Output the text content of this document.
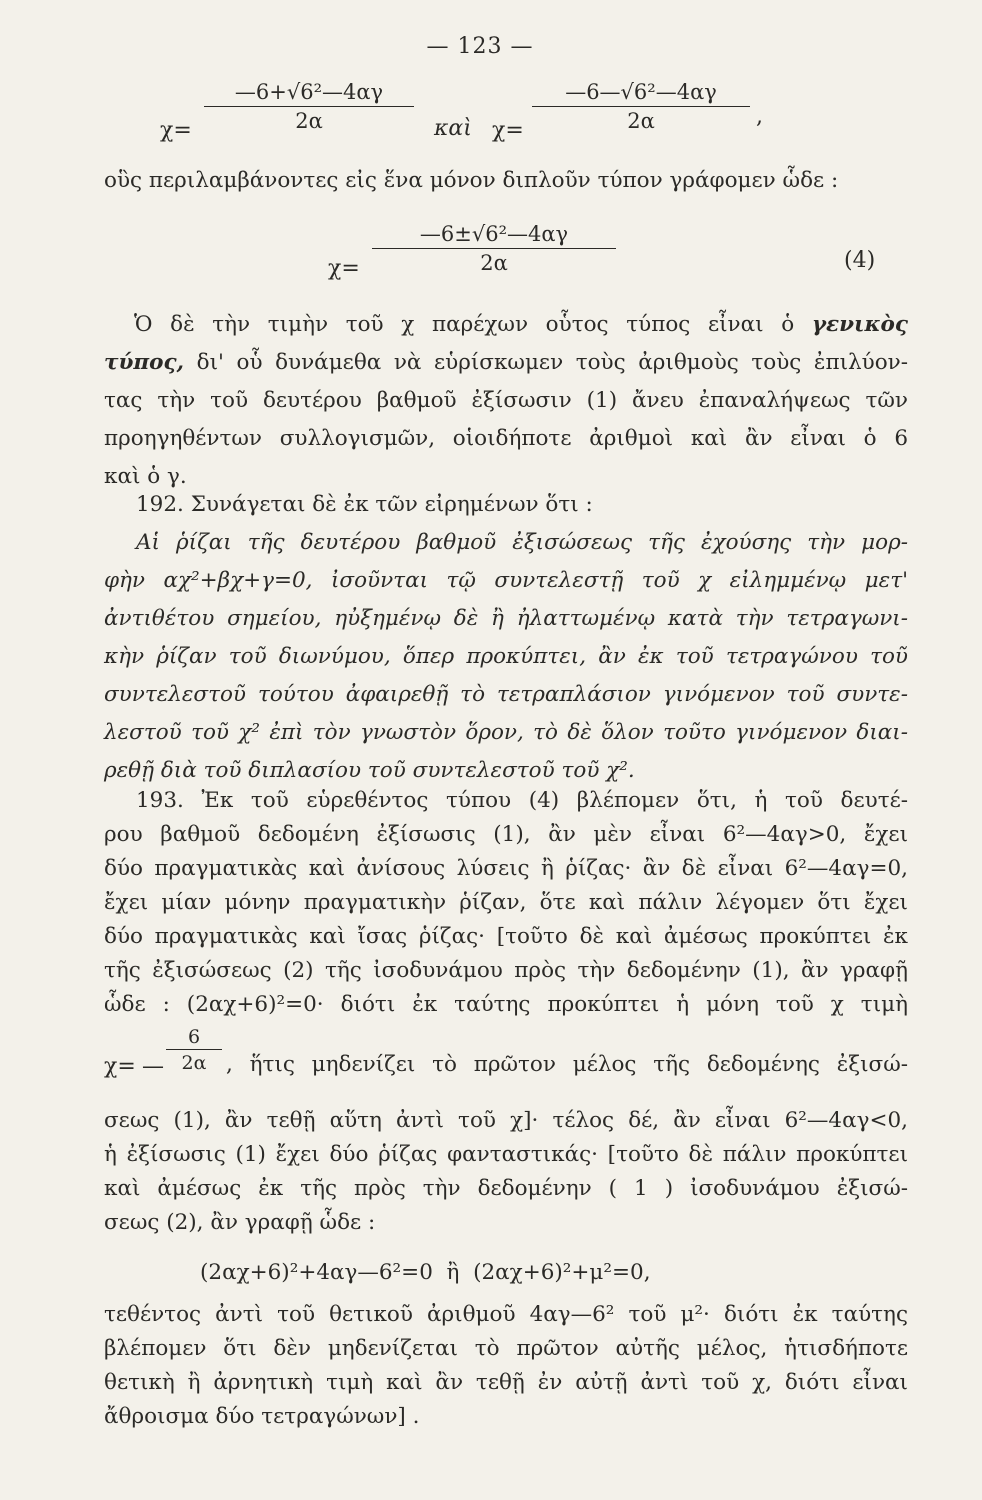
— 123 —
$\chi= \frac{\text{—6+√6²—4αγ}}{2\alpha}$ καὶ $\chi= \frac{\text{—6—√6²—4αγ}}{2\alpha}$ ,
οὓς περιλαμβάνοντες εἰς ἕνα μόνον διπλοῦν τύπον γράφομεν ὧδε :
$\chi= \frac{\text{—6±√6²—4αγ}}{2\alpha}$	(4)
Ὁ δὲ τὴν τιμὴν τοῦ χ παρέχων οὗτος τύπος εἶναι ὁ γενικὸς
τύπος, δι' οὗ δυνάμεθα νὰ εὑρίσκωμεν τοὺς ἀριθμοὺς τοὺς ἐπιλύον-
τας τὴν τοῦ δευτέρου βαθμοῦ ἐξίσωσιν (1) ἄνευ ἐπαναλήψεως τῶν
προηγηθέντων συλλογισμῶν, οἱοιδήποτε ἀριθμοὶ καὶ ἂν εἶναι ὁ 6
καὶ ὁ γ.
192. Συνάγεται δὲ ἐκ τῶν εἰρημένων ὅτι :
Αἱ ῥίζαι τῆς δευτέρου βαθμοῦ ἐξισώσεως τῆς ἐχούσης τὴν μορ-
φὴν αχ²+βχ+γ=0, ἰσοῦνται τῷ συντελεστῇ τοῦ χ εἰλημμένῳ μετ'
ἀντιθέτου σημείου, ηὐξημένῳ δὲ ἢ ἠλαττωμένῳ κατὰ τὴν τετραγωνι-
κὴν ῥίζαν τοῦ διωνύμου, ὅπερ προκύπτει, ἂν ἐκ τοῦ τετραγώνου τοῦ
συντελεστοῦ τούτου ἀφαιρεθῇ τὸ τετραπλάσιον γινόμενον τοῦ συντε-
λεστοῦ τοῦ χ² ἐπὶ τὸν γνωστὸν ὅρον, τὸ δὲ ὅλον τοῦτο γινόμενον διαι-
ρεθῇ διὰ τοῦ διπλασίου τοῦ συντελεστοῦ τοῦ χ².
193. Ἐκ τοῦ εὑρεθέντος τύπου (4) βλέπομεν ὅτι, ἡ τοῦ δευτέ-
ρου βαθμοῦ δεδομένη ἐξίσωσις (1), ἂν μὲν εἶναι 6²—4αγ>0, ἔχει
δύο πραγματικὰς καὶ ἀνίσους λύσεις ἢ ῥίζας· ἂν δὲ εἶναι 6²—4αγ=0,
ἔχει μίαν μόνην πραγματικὴν ῥίζαν, ὅτε καὶ πάλιν λέγομεν ὅτι ἔχει
δύο πραγματικὰς καὶ ἴσας ῥίζας· [τοῦτο δὲ καὶ ἀμέσως προκύπτει ἐκ
τῆς ἐξισώσεως (2) τῆς ἰσοδυνάμου πρὸς τὴν δεδομένην (1), ἂν γραφῇ
ὧδε : (2αχ+6)²=0· διότι ἐκ ταύτης προκύπτει ἡ μόνη τοῦ χ τιμὴ
χ= — $\frac{6}{2\alpha}$ , ἥτις μηδενίζει τὸ πρῶτον μέλος τῆς δεδομένης ἐξισώ-
σεως (1), ἂν τεθῇ αὕτη ἀντὶ τοῦ χ]· τέλος δέ, ἂν εἶναι 6²—4αγ<0,
ἡ ἐξίσωσις (1) ἔχει δύο ῥίζας φανταστικάς· [τοῦτο δὲ πάλιν προκύπτει
καὶ ἀμέσως ἐκ τῆς πρὸς τὴν δεδομένην ( 1 ) ἰσοδυνάμου ἐξισώ-
σεως (2), ἂν γραφῇ ὧδε :
(2αχ+6)²+4αγ—6²=0  ἢ  (2αχ+6)²+μ²=0,
τεθέντος ἀντὶ τοῦ θετικοῦ ἀριθμοῦ 4αγ—6² τοῦ μ²· διότι ἐκ ταύτης
βλέπομεν ὅτι δὲν μηδενίζεται τὸ πρῶτον αὐτῆς μέλος, ἡτισδήποτε
θετικὴ ἢ ἀρνητικὴ τιμὴ καὶ ἂν τεθῇ ἐν αὐτῇ ἀντὶ τοῦ χ, διότι εἶναι
ἄθροισμα δύο τετραγώνων] .
